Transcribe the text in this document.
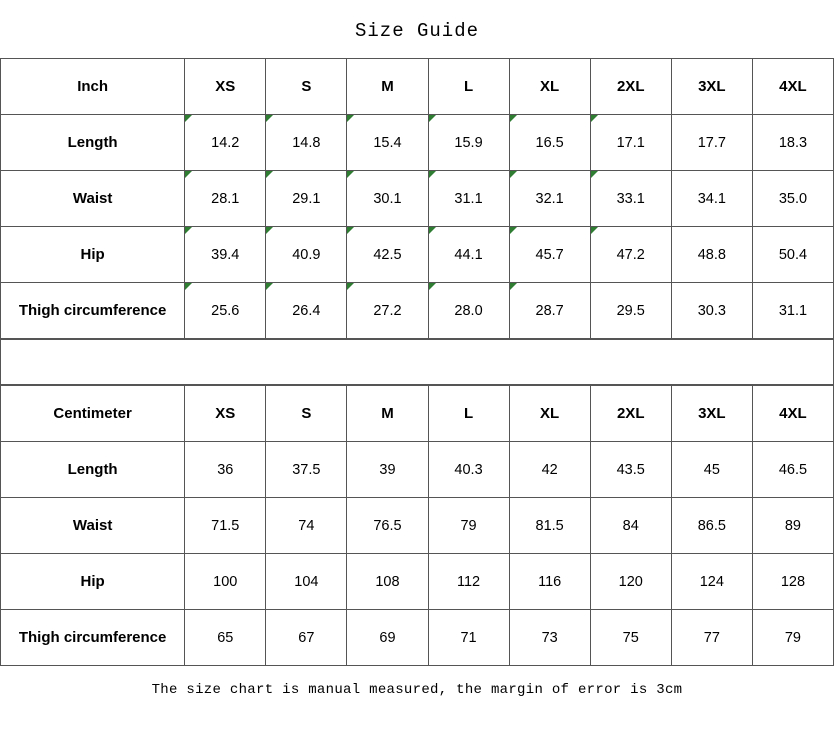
Size Guide
Inch	XS	S	M	L	XL	2XL	3XL	4XL
Length	14.2	14.8	15.4	15.9	16.5	17.1	17.7	18.3
Waist	28.1	29.1	30.1	31.1	32.1	33.1	34.1	35.0
Hip	39.4	40.9	42.5	44.1	45.7	47.2	48.8	50.4
Thigh circumference	25.6	26.4	27.2	28.0	28.7	29.5	30.3	31.1
Centimeter	XS	S	M	L	XL	2XL	3XL	4XL
Length	36	37.5	39	40.3	42	43.5	45	46.5
Waist	71.5	74	76.5	79	81.5	84	86.5	89
Hip	100	104	108	112	116	120	124	128
Thigh circumference	65	67	69	71	73	75	77	79
The size chart is manual measured, the margin of error is 3cm
